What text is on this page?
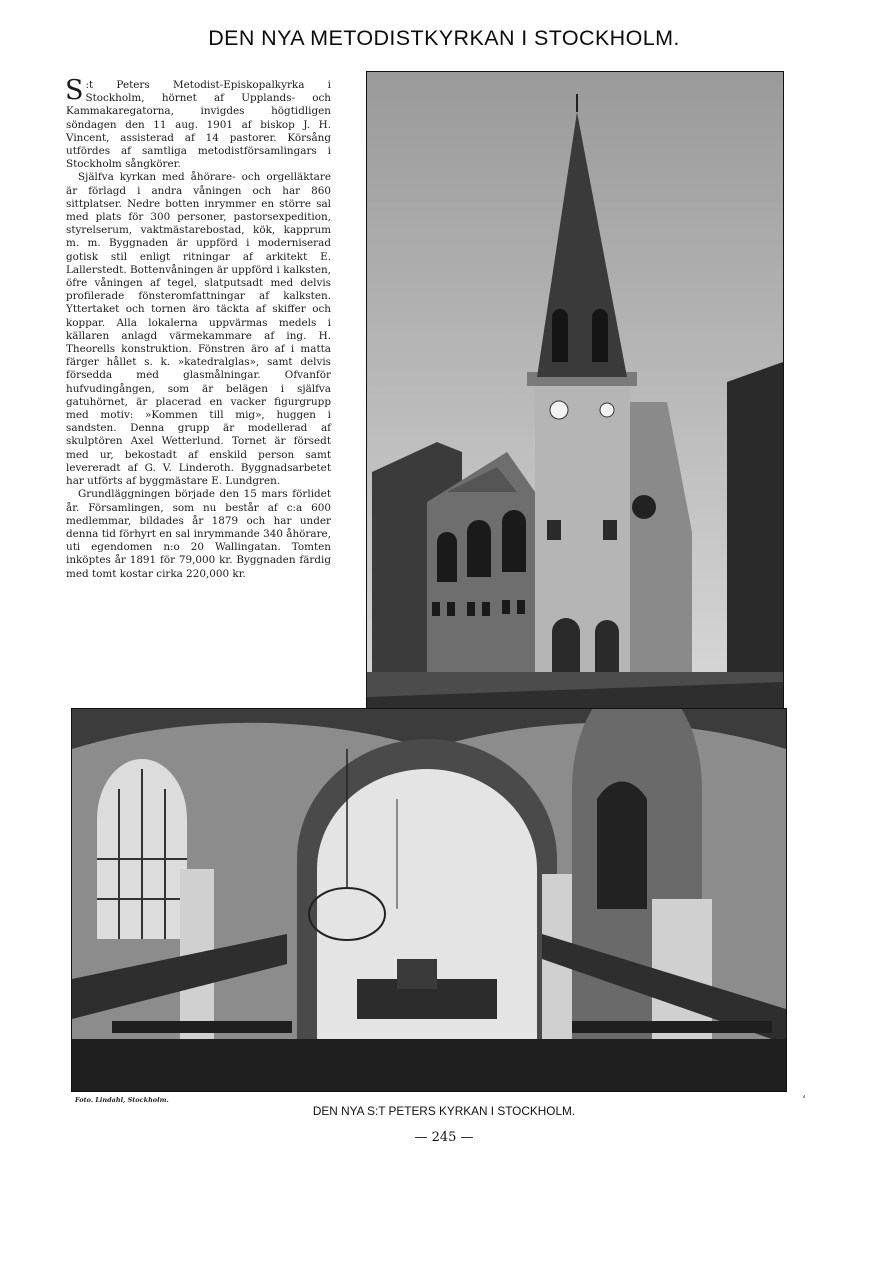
DEN NYA METODISTKYRKAN I STOCKHOLM.

S :t Peters Metodist-Episkopalkyrka i Stockholm, hörnet af Upplands- och Kammakaregatorna, invigdes högtidligen söndagen den 11 aug. 1901 af biskop J. H. Vincent, assisterad af 14 pastorer. Körsång utfördes af samtliga metodistförsamlingars i Stockholm sångkörer.

Själfva kyrkan med åhörare- och orgelläktare är förlagd i andra våningen och har 860 sittplatser. Nedre botten inrymmer en större sal med plats för 300 personer, pastorsexpedition, styrelserum, vaktmästarebostad, kök, kapprum m. m. Byggnaden är uppförd i moderniserad gotisk stil enligt ritningar af arkitekt E. Lallerstedt. Bottenvåningen är uppförd i kalksten, öfre våningen af tegel, slatputsadt med delvis profilerade fönsteromfattningar af kalksten. Yttertaket och tornen äro täckta af skiffer och koppar. Alla lokalerna uppvärmas medels i källaren anlagd värmekammare af ing. H. Theorells konstruktion. Fönstren äro af i matta färger hållet s. k. »katedralglas», samt delvis försedda med glasmålningar. Ofvanför hufvudingången, som är belägen i själfva gatuhörnet, är placerad en vacker figurgrupp med motiv: »Kommen till mig», huggen i sandsten. Denna grupp är modellerad af skulptören Axel Wetterlund. Tornet är försedt med ur, bekostadt af enskild person samt levereradt af G. V. Linderoth. Byggnadsarbetet har utförts af byggmästare E. Lundgren.

Grundläggningen började den 15 mars förlidet år. Församlingen, som nu består af c:a 600 medlemmar, bildades år 1879 och har under denna tid förhyrt en sal inrymmande 340 åhörare, uti egendomen n:o 20 Wallingatan. Tomten inköptes år 1891 för 79,000 kr. Byggnaden färdig med tomt kostar cirka 220,000 kr.

Foto. Lindahl, Stockholm.
DEN NYA S:T PETERS KYRKAN I STOCKHOLM.
— 245 —
ʻ
